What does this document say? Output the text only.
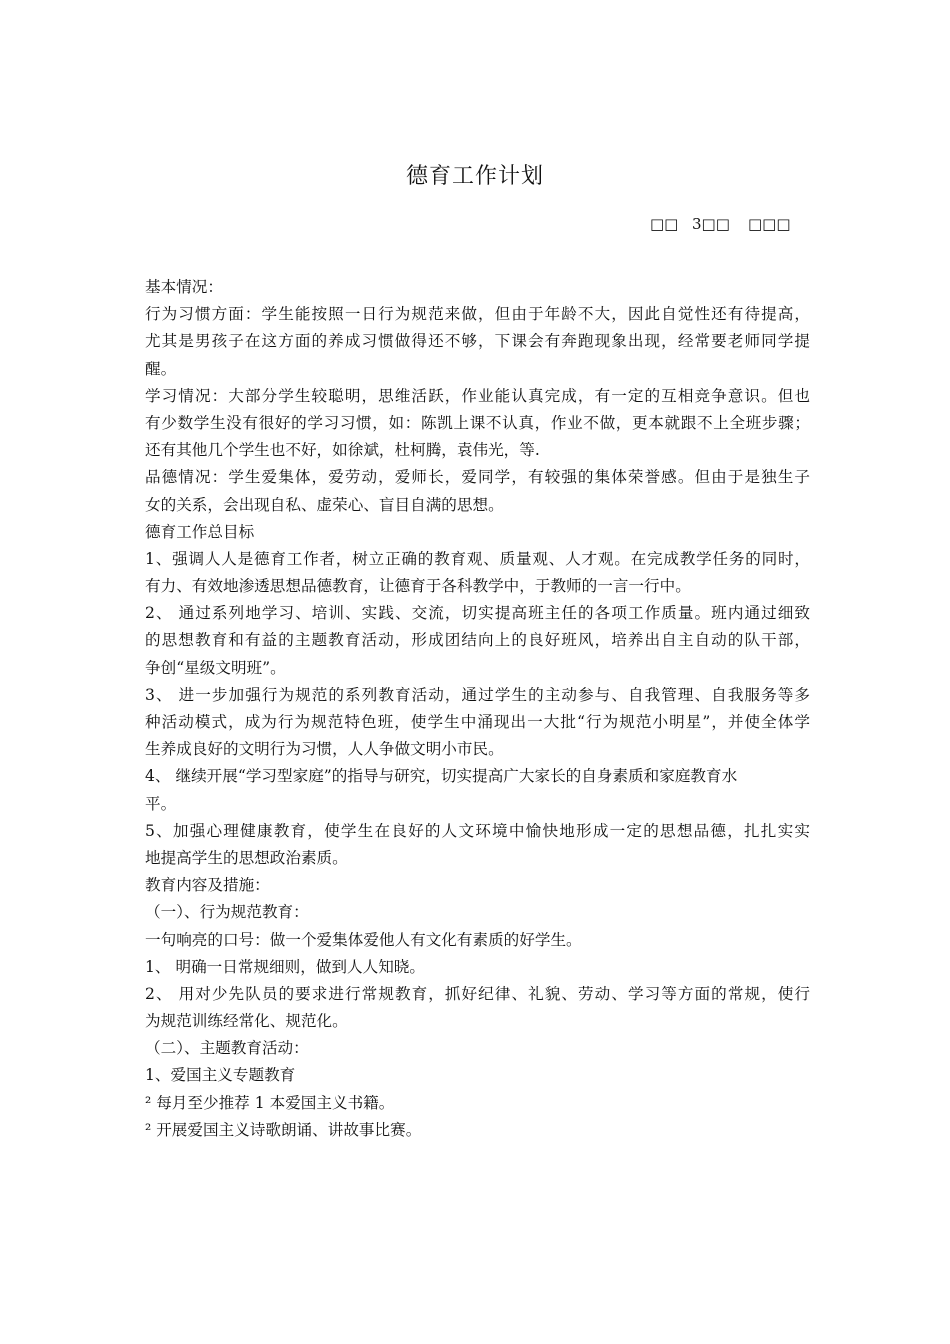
德育工作计划
□□ 3□□ □□□
基本情况：
行为习惯方面：学生能按照一日行为规范来做，但由于年龄不大，因此自觉性还有待提高，
尤其是男孩子在这方面的养成习惯做得还不够，下课会有奔跑现象出现，经常要老师同学提
醒。
学习情况：大部分学生较聪明，思维活跃，作业能认真完成，有一定的互相竞争意识。但也
有少数学生没有很好的学习习惯，如：陈凯上课不认真，作业不做，更本就跟不上全班步骤；
还有其他几个学生也不好，如徐斌，杜柯腾，袁伟光，等.
品德情况：学生爱集体，爱劳动，爱师长，爱同学，有较强的集体荣誉感。但由于是独生子
女的关系，会出现自私、虚荣心、盲目自满的思想。
德育工作总目标
1、强调人人是德育工作者，树立正确的教育观、质量观、人才观。在完成教学任务的同时，
有力、有效地渗透思想品德教育，让德育于各科教学中，于教师的一言一行中。
2、 通过系列地学习、培训、实践、交流，切实提高班主任的各项工作质量。班内通过细致
的思想教育和有益的主题教育活动，形成团结向上的良好班风，培养出自主自动的队干部，
争创“星级文明班”。
3、 进一步加强行为规范的系列教育活动，通过学生的主动参与、自我管理、自我服务等多
种活动模式，成为行为规范特色班，使学生中涌现出一大批“行为规范小明星”，并使全体学
生养成良好的文明行为习惯，人人争做文明小市民。
4、 继续开展“学习型家庭”的指导与研究，切实提高广大家长的自身素质和家庭教育水
平。
5、加强心理健康教育，使学生在良好的人文环境中愉快地形成一定的思想品德，扎扎实实
地提高学生的思想政治素质。
教育内容及措施：
（一）、行为规范教育：
一句响亮的口号：做一个爱集体爱他人有文化有素质的好学生。
1、 明确一日常规细则，做到人人知晓。
2、 用对少先队员的要求进行常规教育，抓好纪律、礼貌、劳动、学习等方面的常规，使行
为规范训练经常化、规范化。
（二）、主题教育活动：
1、爱国主义专题教育
² 每月至少推荐 1 本爱国主义书籍。
² 开展爱国主义诗歌朗诵、讲故事比赛。
